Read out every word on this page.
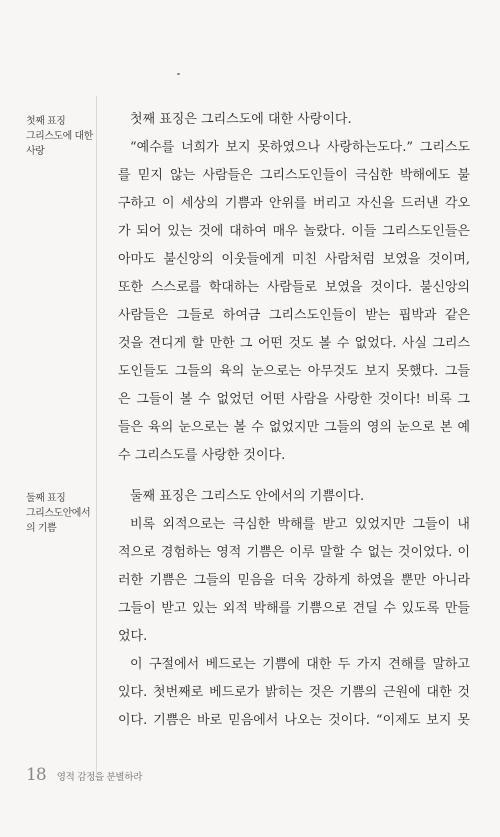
첫째 표징
그리스도에 대한
사랑
첫째 표징은 그리스도에 대한 사랑이다.
“예수를 너희가 보지 못하였으나 사랑하는도다.” 그리스도
를 믿지 않는 사람들은 그리스도인들이 극심한 박해에도 불
구하고 이 세상의 기쁨과 안위를 버리고 자신을 드러낸 각오
가 되어 있는 것에 대하여 매우 놀랐다. 이들 그리스도인들은
아마도 불신앙의 이웃들에게 미친 사람처럼 보였을 것이며,
또한 스스로를 학대하는 사람들로 보였을 것이다. 불신앙의
사람들은 그들로 하여금 그리스도인들이 받는 핍박과 같은
것을 견디게 할 만한 그 어떤 것도 볼 수 없었다. 사실 그리스
도인들도 그들의 육의 눈으로는 아무것도 보지 못했다. 그들
은 그들이 볼 수 없었던 어떤 사람을 사랑한 것이다! 비록 그
들은 육의 눈으로는 볼 수 없었지만 그들의 영의 눈으로 본 예
수 그리스도를 사랑한 것이다.
둘째 표징
그리스도안에서
의 기쁨
둘째 표징은 그리스도 안에서의 기쁨이다.
비록 외적으로는 극심한 박해를 받고 있었지만 그들이 내
적으로 경험하는 영적 기쁨은 이루 말할 수 없는 것이었다. 이
러한 기쁨은 그들의 믿음을 더욱 강하게 하였을 뿐만 아니라
그들이 받고 있는 외적 박해를 기쁨으로 견딜 수 있도록 만들
었다.
이 구절에서 베드로는 기쁨에 대한 두 가지 견해를 말하고
있다. 첫번째로 베드로가 밝히는 것은 기쁨의 근원에 대한 것
이다. 기쁨은 바로 믿음에서 나오는 것이다. “이제도 보지 못
18 영적 감정을 분별하라
